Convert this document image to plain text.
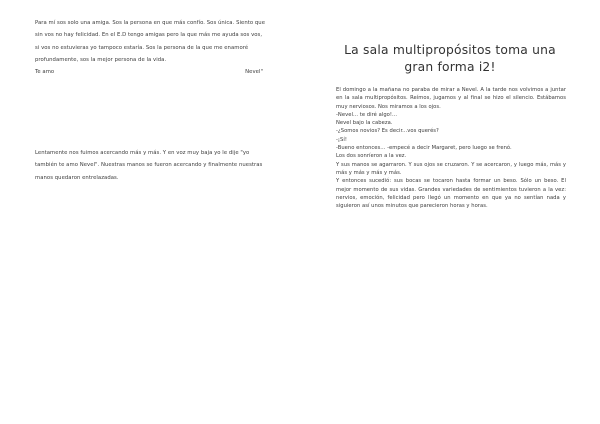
Para mí sos solo una amiga. Sos la persona en que más confío. Sos única. Siento que sin vos no hay felicidad. En el E.D tengo amigas pero la que más me ayuda sos vos, si vos no estuvieras yo tampoco estaría. Sos la persona de la que me enamoré profundamente, sos la mejor persona de la vida.

Te amo	Nevel"

Lentamente nos fuimos acercando más y más. Y en voz muy baja yo le dije "yo también te amo Nevel". Nuestras manos se fueron acercando y finalmente nuestras manos quedaron entrelazadas.

La sala multipropósitos toma una gran forma i2!

El domingo a la mañana no paraba de mirar a Nevel. A la tarde nos volvimos a juntar en la sala multipropósitos. Reímos, jugamos y al final se hizo el silencio. Estábamos muy nerviosos. Nos miramos a los ojos.

-Nevel... te diré algo!...

Nevel bajo la cabeza.

-¿Somos novios? Es decir...vos querés?

-¡Sí!

-Bueno entonces... -empecé a decir Margaret, pero luego se frenó.

Los dos sonríeron a la vez.

Y sus manos se agarraron. Y sus ojos se cruzaron. Y se acercaron, y luego más, más y más y más y más y más.

Y entonces sucedió: sus bocas se tocaron hasta formar un beso. Sólo un beso. El mejor momento de sus vidas. Grandes variedades de sentimientos tuvieron a la vez: nervios, emoción, felicidad pero llegó un momento en que ya no sentían nada y siguieron así unos minutos que parecieron horas y horas.
